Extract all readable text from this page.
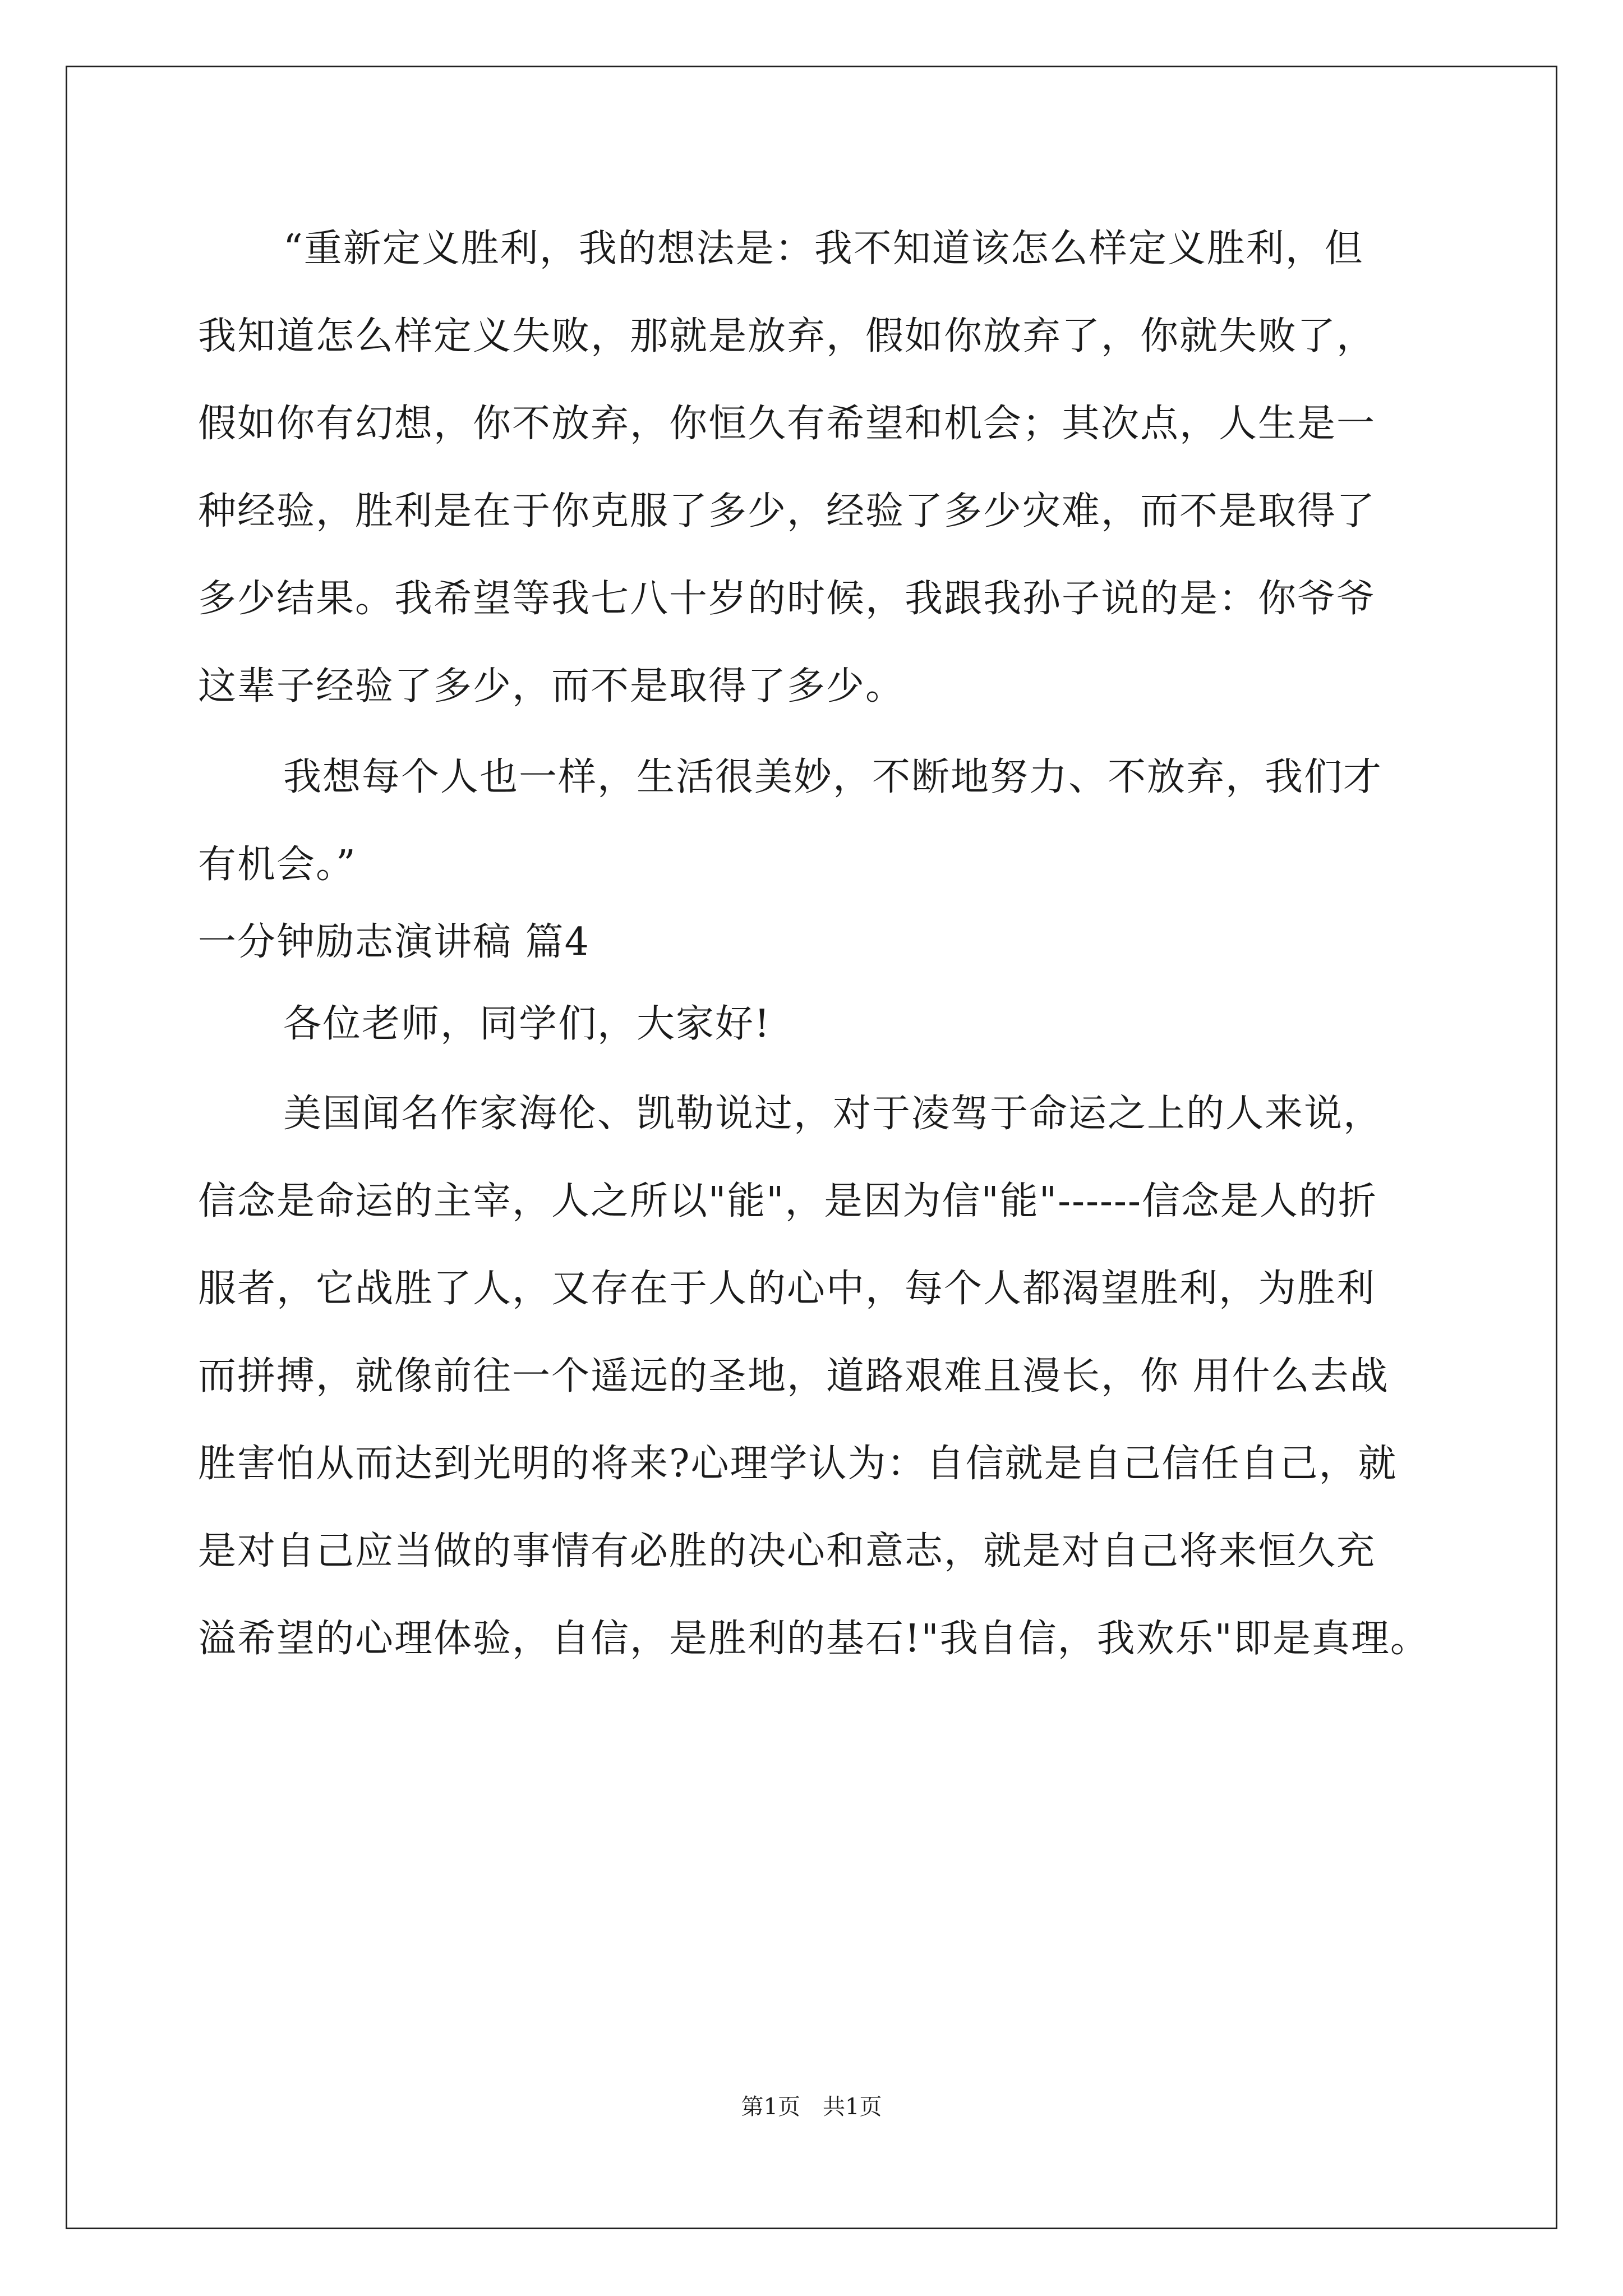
“重新定义胜利，我的想法是：我不知道该怎么样定义胜利，但
我知道怎么样定义失败，那就是放弃，假如你放弃了，你就失败了，
假如你有幻想，你不放弃，你恒久有希望和机会；其次点，人生是一
种经验，胜利是在于你克服了多少，经验了多少灾难，而不是取得了
多少结果。我希望等我七八十岁的时候，我跟我孙子说的是：你爷爷
这辈子经验了多少，而不是取得了多少。
我想每个人也一样，生活很美妙，不断地努力、不放弃，我们才
有机会。”
一分钟励志演讲稿 篇4
各位老师，同学们，大家好!
美国闻名作家海伦、凯勒说过，对于凌驾于命运之上的人来说，
信念是命运的主宰，人之所以"能"，是因为信"能"------信念是人的折
服者，它战胜了人，又存在于人的心中，每个人都渴望胜利，为胜利
而拼搏，就像前往一个遥远的圣地，道路艰难且漫长，你 用什么去战
胜害怕从而达到光明的将来?心理学认为：自信就是自己信任自己，就
是对自己应当做的事情有必胜的决心和意志，就是对自己将来恒久充
溢希望的心理体验，自信，是胜利的基石!"我自信，我欢乐"即是真理。
第1页　共1页
